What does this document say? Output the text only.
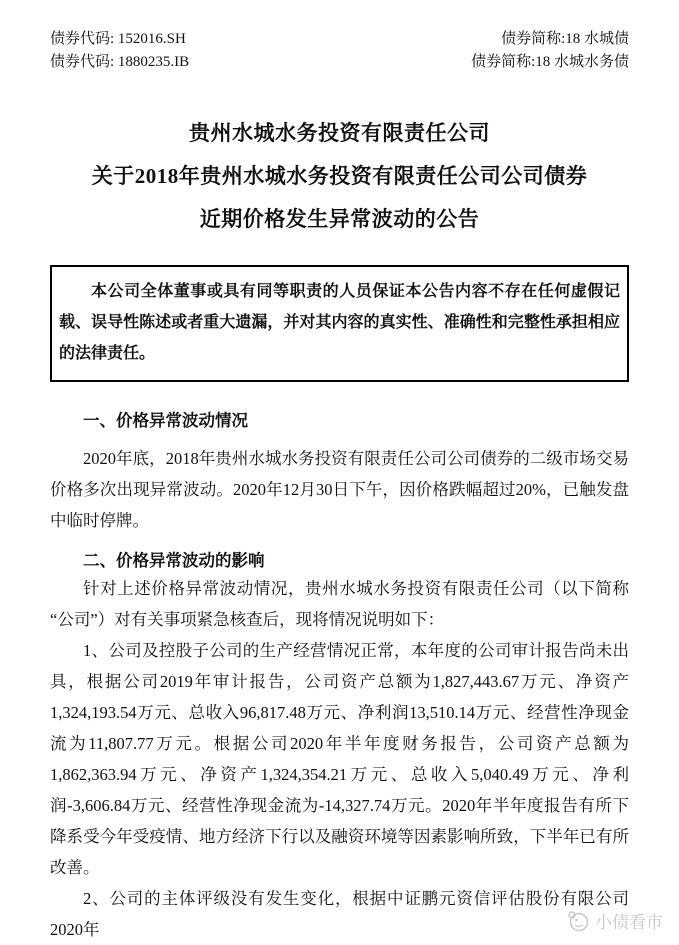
债券代码: 152016.SH	债券简称:18 水城债
债券代码: 1880235.IB	债券简称:18 水城水务债
贵州水城水务投资有限责任公司
关于2018年贵州水城水务投资有限责任公司公司债券
近期价格发生异常波动的公告
本公司全体董事或具有同等职责的人员保证本公告内容不存在任何虚假记载、误导性陈述或者重大遗漏，并对其内容的真实性、准确性和完整性承担相应的法律责任。
一、价格异常波动情况

2020年底，2018年贵州水城水务投资有限责任公司公司债券的二级市场交易价格多次出现异常波动。2020年12月30日下午，因价格跌幅超过20%，已触发盘中临时停牌。

二、价格异常波动的影响

针对上述价格异常波动情况，贵州水城水务投资有限责任公司（以下简称“公司”）对有关事项紧急核查后，现将情况说明如下：

1、公司及控股子公司的生产经营情况正常，本年度的公司审计报告尚未出具，根据公司2019年审计报告，公司资产总额为1,827,443.67万元、净资产1,324,193.54万元、总收入96,817.48万元、净利润13,510.14万元、经营性净现金流为11,807.77万元。根据公司2020年半年度财务报告，公司资产总额为1,862,363.94万元、净资产1,324,354.21万元、总收入5,040.49万元、净利润-3,606.84万元、经营性净现金流为-14,327.74万元。2020年半年度报告有所下降系受今年受疫情、地方经济下行以及融资环境等因素影响所致，下半年已有所改善。

2、公司的主体评级没有发生变化，根据中证鹏元资信评估股份有限公司2020年	小债看市
